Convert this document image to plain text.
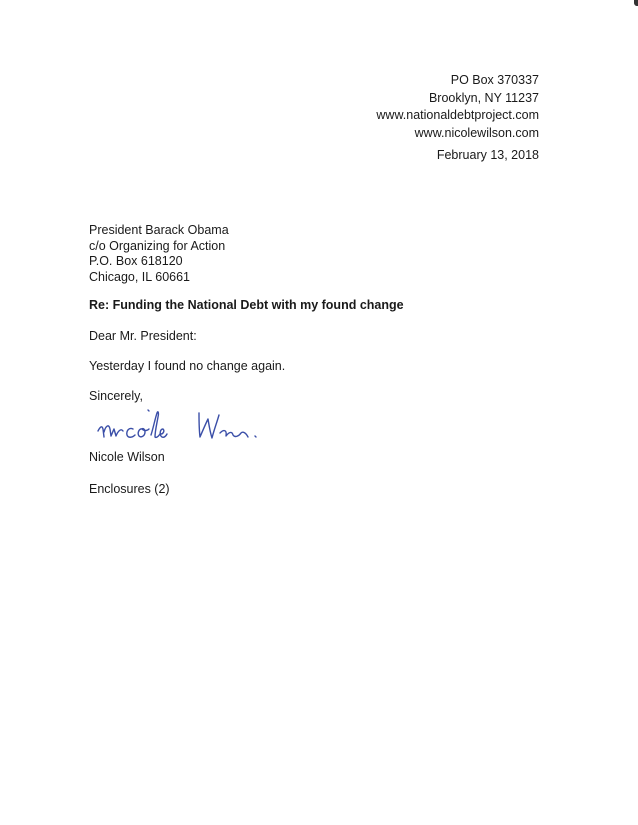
PO Box 370337
Brooklyn, NY 11237
www.nationaldebtproject.com
www.nicolewilson.com
February 13, 2018
President Barack Obama
c/o Organizing for Action
P.O. Box 618120
Chicago, IL 60661
Re: Funding the National Debt with my found change
Dear Mr. President:
Yesterday I found no change again.
Sincerely,
Nicole Wilson
Enclosures (2)
